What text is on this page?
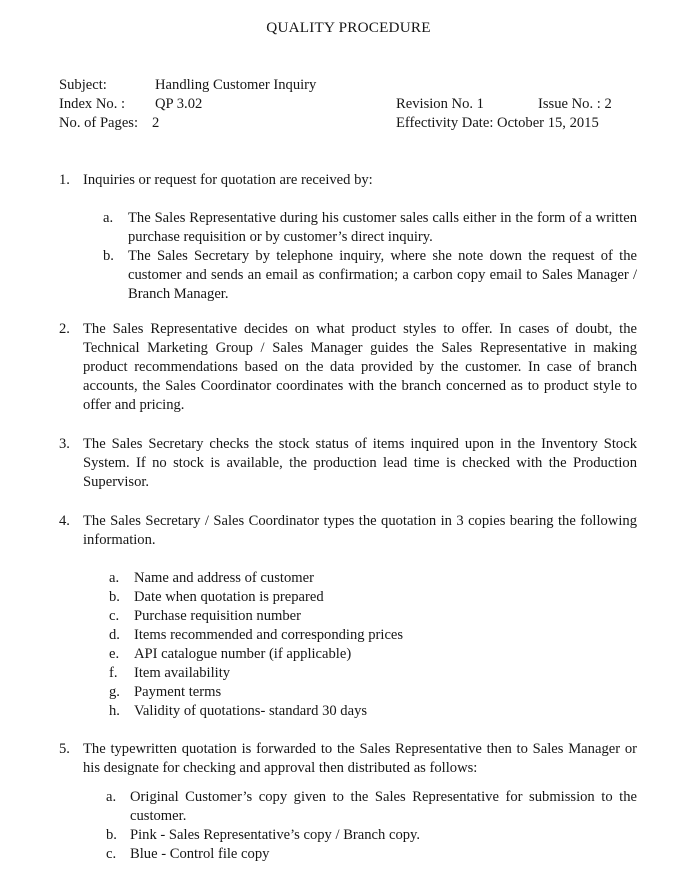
QUALITY PROCEDURE
Subject:	Handling Customer Inquiry
Index No. : QP 3.02
No. of Pages: 2
Revision No. 1	Issue No. : 2
Effectivity Date: October 15, 2015
1. Inquiries or request for quotation are received by:
a. The Sales Representative during his customer sales calls either in the form of a written purchase requisition or by customer’s direct inquiry.
b. The Sales Secretary by telephone inquiry, where she note down the request of the customer and sends an email as confirmation; a carbon copy email to Sales Manager / Branch Manager.
2. The Sales Representative decides on what product styles to offer. In cases of doubt, the Technical Marketing Group / Sales Manager guides the Sales Representative in making product recommendations based on the data provided by the customer. In case of branch accounts, the Sales Coordinator coordinates with the branch concerned as to product style to offer and pricing.
3. The Sales Secretary checks the stock status of items inquired upon in the Inventory Stock System. If no stock is available, the production lead time is checked with the Production Supervisor.
4. The Sales Secretary / Sales Coordinator types the quotation in 3 copies bearing the following information.
a. Name and address of customer
b. Date when quotation is prepared
c. Purchase requisition number
d. Items recommended and corresponding prices
e. API catalogue number (if applicable)
f. Item availability
g. Payment terms
h. Validity of quotations- standard 30 days
5. The typewritten quotation is forwarded to the Sales Representative then to Sales Manager or his designate for checking and approval then distributed as follows:
a. Original Customer’s copy given to the Sales Representative for submission to the customer.
b. Pink - Sales Representative’s copy / Branch copy.
c. Blue - Control file copy
